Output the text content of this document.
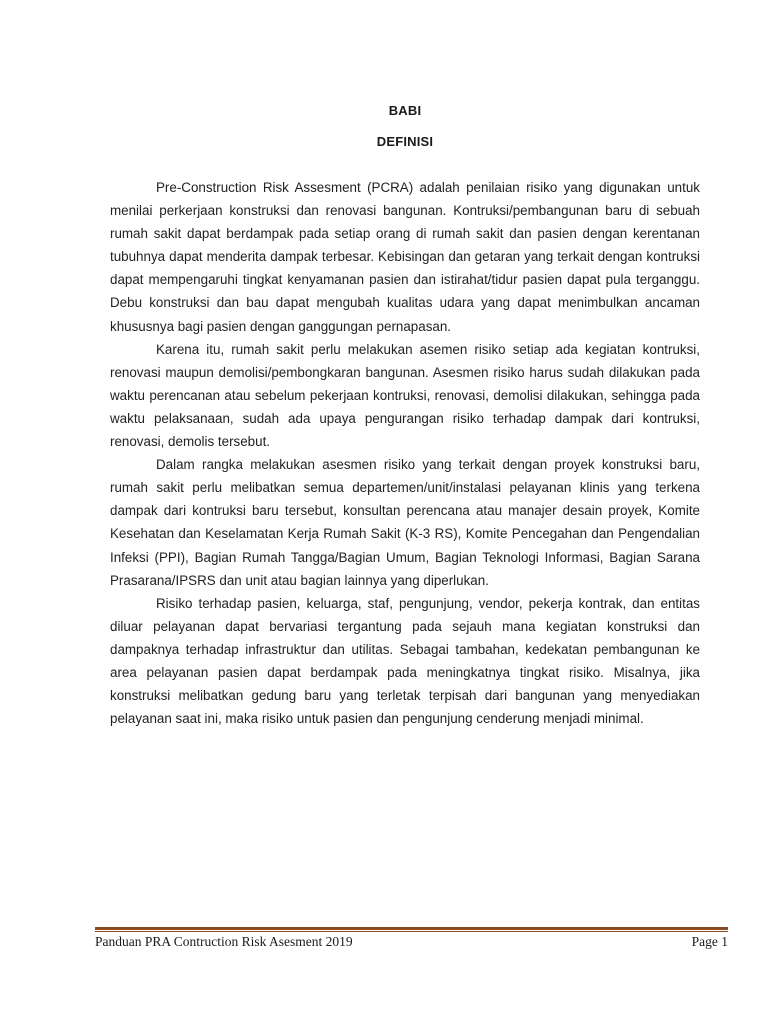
BABI
DEFINISI

Pre-Construction Risk Assesment (PCRA) adalah penilaian risiko yang digunakan untuk menilai perkerjaan konstruksi dan renovasi bangunan. Kontruksi/pembangunan baru di sebuah rumah sakit dapat berdampak pada setiap orang di rumah sakit dan pasien dengan kerentanan tubuhnya dapat menderita dampak terbesar. Kebisingan dan getaran yang terkait dengan kontruksi dapat mempengaruhi tingkat kenyamanan pasien dan istirahat/tidur pasien dapat pula terganggu. Debu konstruksi dan bau dapat mengubah kualitas udara yang dapat menimbulkan ancaman khususnya bagi pasien dengan ganggungan pernapasan.

Karena itu, rumah sakit perlu melakukan asemen risiko setiap ada kegiatan kontruksi, renovasi maupun demolisi/pembongkaran bangunan. Asesmen risiko harus sudah dilakukan pada waktu perencanan atau sebelum pekerjaan kontruksi, renovasi, demolisi dilakukan, sehingga pada waktu pelaksanaan, sudah ada upaya pengurangan risiko terhadap dampak dari kontruksi, renovasi, demolis tersebut.

Dalam rangka melakukan asesmen risiko yang terkait dengan proyek konstruksi baru, rumah sakit perlu melibatkan semua departemen/unit/instalasi pelayanan klinis yang terkena dampak dari kontruksi baru tersebut, konsultan perencana atau manajer desain proyek, Komite Kesehatan dan Keselamatan Kerja Rumah Sakit (K-3 RS), Komite Pencegahan dan Pengendalian Infeksi (PPI), Bagian Rumah Tangga/Bagian Umum, Bagian Teknologi Informasi, Bagian Sarana Prasarana/IPSRS dan unit atau bagian lainnya yang diperlukan.

Risiko terhadap pasien, keluarga, staf, pengunjung, vendor, pekerja kontrak, dan entitas diluar pelayanan dapat bervariasi tergantung pada sejauh mana kegiatan konstruksi dan dampaknya terhadap infrastruktur dan utilitas. Sebagai tambahan, kedekatan pembangunan ke area pelayanan pasien dapat berdampak pada meningkatnya tingkat risiko. Misalnya, jika konstruksi melibatkan gedung baru yang terletak terpisah dari bangunan yang menyediakan pelayanan saat ini, maka risiko untuk pasien dan pengunjung cenderung menjadi minimal.

Panduan PRA Contruction Risk Asesment 2019	Page 1
